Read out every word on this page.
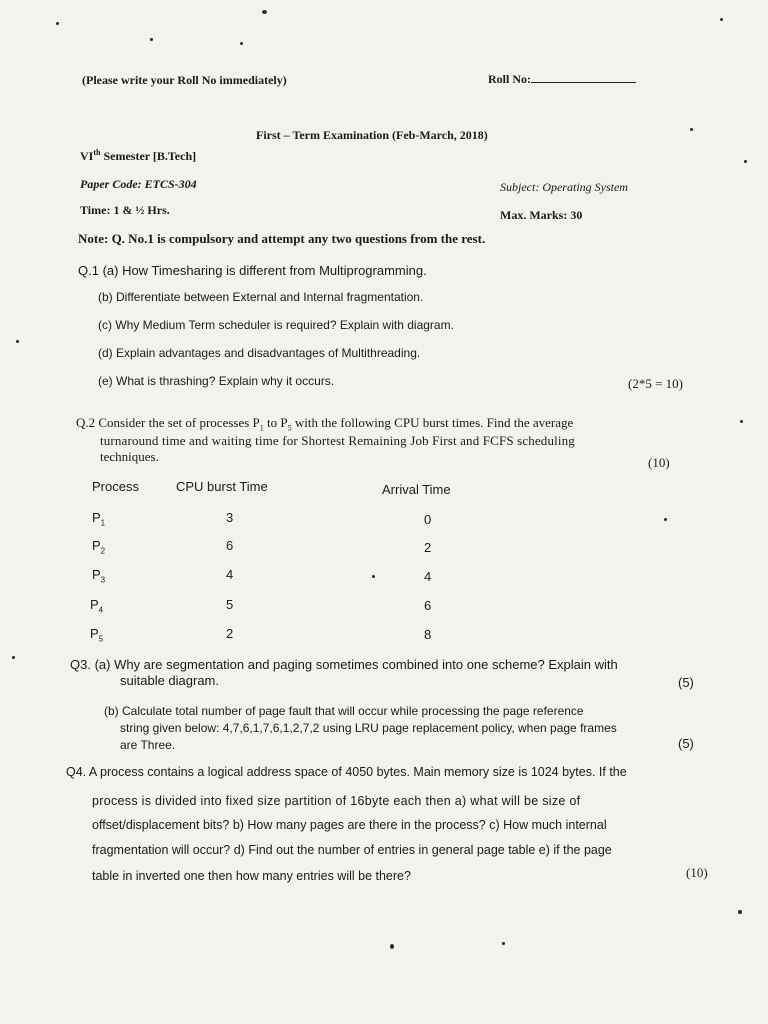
(Please write your Roll No immediately)	Roll No:
First – Term Examination (Feb-March, 2018)
VIth Semester [B.Tech]
Paper Code: ETCS-304	Subject: Operating System
Time: 1 & ½ Hrs.	Max. Marks: 30
Note: Q. No.1 is compulsory and attempt any two questions from the rest.
Q.1 (a) How Timesharing is different from Multiprogramming.
(b) Differentiate between External and Internal fragmentation.
(c) Why Medium Term scheduler is required? Explain with diagram.
(d) Explain advantages and disadvantages of Multithreading.
(e) What is thrashing? Explain why it occurs.	(2*5 = 10)
Q.2 Consider the set of processes $P_1$ to $P_5$ with the following CPU burst times. Find the average
turnaround time and waiting time for Shortest Remaining Job First and FCFS scheduling
techniques.	(10)
Process	CPU burst Time	Arrival Time
$P_1$	3	0
$P_2$	6	2
$P_3$	4	4
$P_4$	5	6
$P_5$	2	8
Q3. (a) Why are segmentation and paging sometimes combined into one scheme? Explain with
suitable diagram.	(5)
(b) Calculate total number of page fault that will occur while processing the page reference
string given below: 4,7,6,1,7,6,1,2,7,2 using LRU page replacement policy, when page frames
are Three.	(5)
Q4. A process contains a logical address space of 4050 bytes. Main memory size is 1024 bytes. If the
process is divided into fixed size partition of 16byte each then a) what will be size of
offset/displacement bits? b) How many pages are there in the process? c) How much internal
fragmentation will occur? d) Find out the number of entries in general page table e) if the page
table in inverted one then how many entries will be there?	(10)
